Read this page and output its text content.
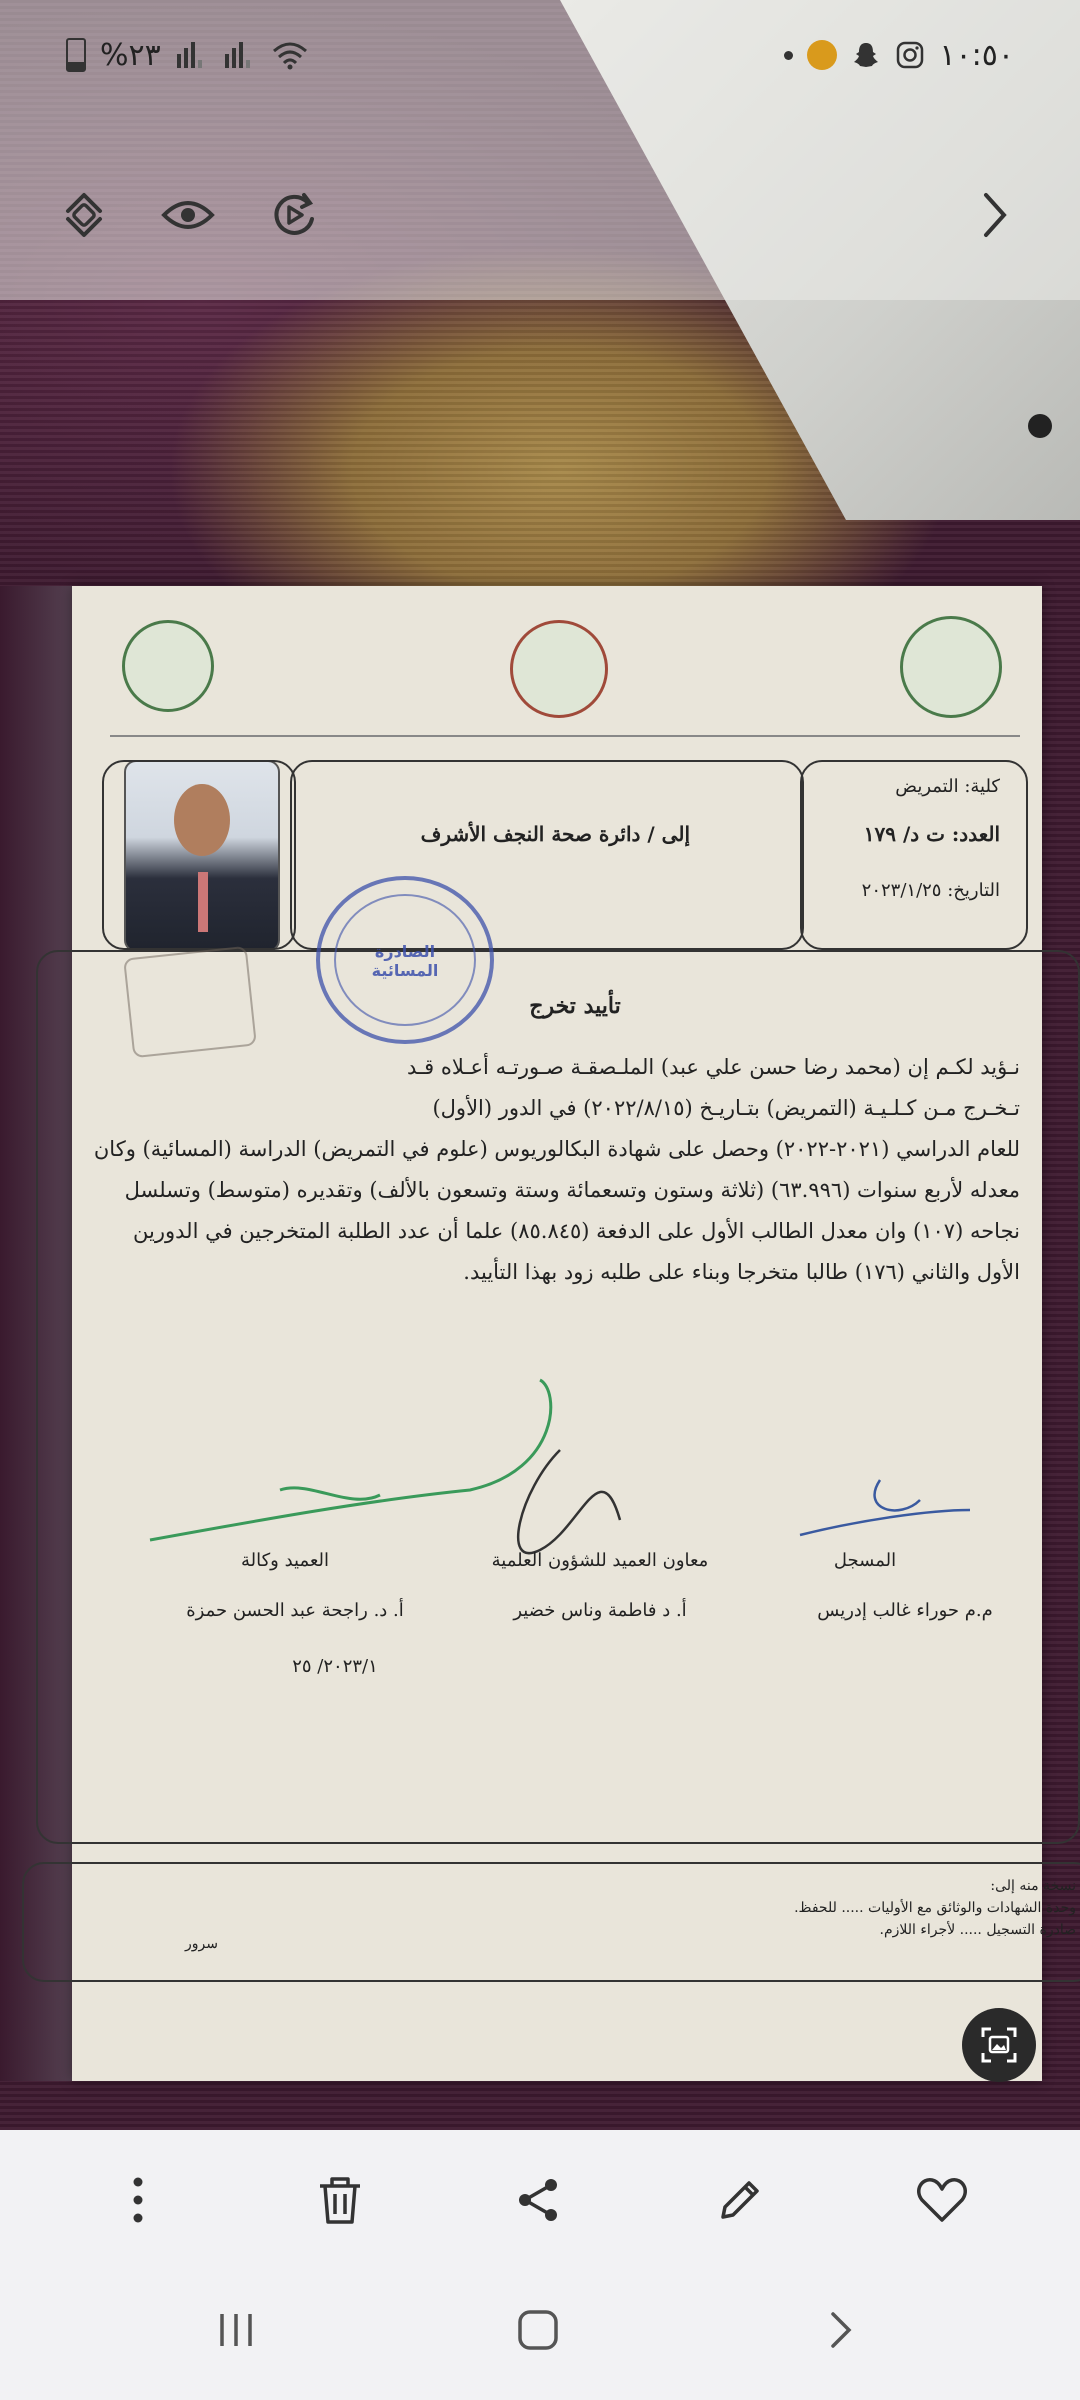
كلية: التمريض
العدد: ت د/ ١٧٩
التاريخ: ٢٠٢٣/١/٢٥
إلى / دائرة صحة النجف الأشرف
الصادرة المسائية
تأييد تخرج
نـؤيد لكـم إن (محمد رضا حسن علي عبد) الملـصقـة صـورتـه أعـلاه قـد
تـخـرج مـن كـلـيـة (التمريض) بتـاريـخ (٢٠٢٢/٨/١٥) في الدور (الأول)
للعام الدراسي (٢٠٢١-٢٠٢٢) وحصل على شهادة البكالوريوس (علوم في التمريض) الدراسة (المسائية) وكان
معدله لأربع سنوات (٦٣.٩٩٦) (ثلاثة وستون وتسعمائة وستة وتسعون بالألف) وتقديره (متوسط) وتسلسل
نجاحه (١٠٧) وان معدل الطالب الأول على الدفعة (٨٥.٨٤٥) علما أن عدد الطلبة المتخرجين في الدورين
الأول والثاني (١٧٦) طالبا متخرجا وبناء على طلبه زود بهذا التأييد.
المسجل
م.م حوراء غالب إدريس
معاون العميد للشؤون العلمية
أ. د فاطمة وناس خضير
العميد وكالة
أ. د. راجحة عبد الحسن حمزة
٢٠٢٣/١/ ٢٥
نسخة منه إلى:
وحدة الشهادات والوثائق مع الأوليات ..... للحفظ.
صادرة التسجيل ..... لأجراء اللازم.
سرور
%٢٣	١٠:٥٠
